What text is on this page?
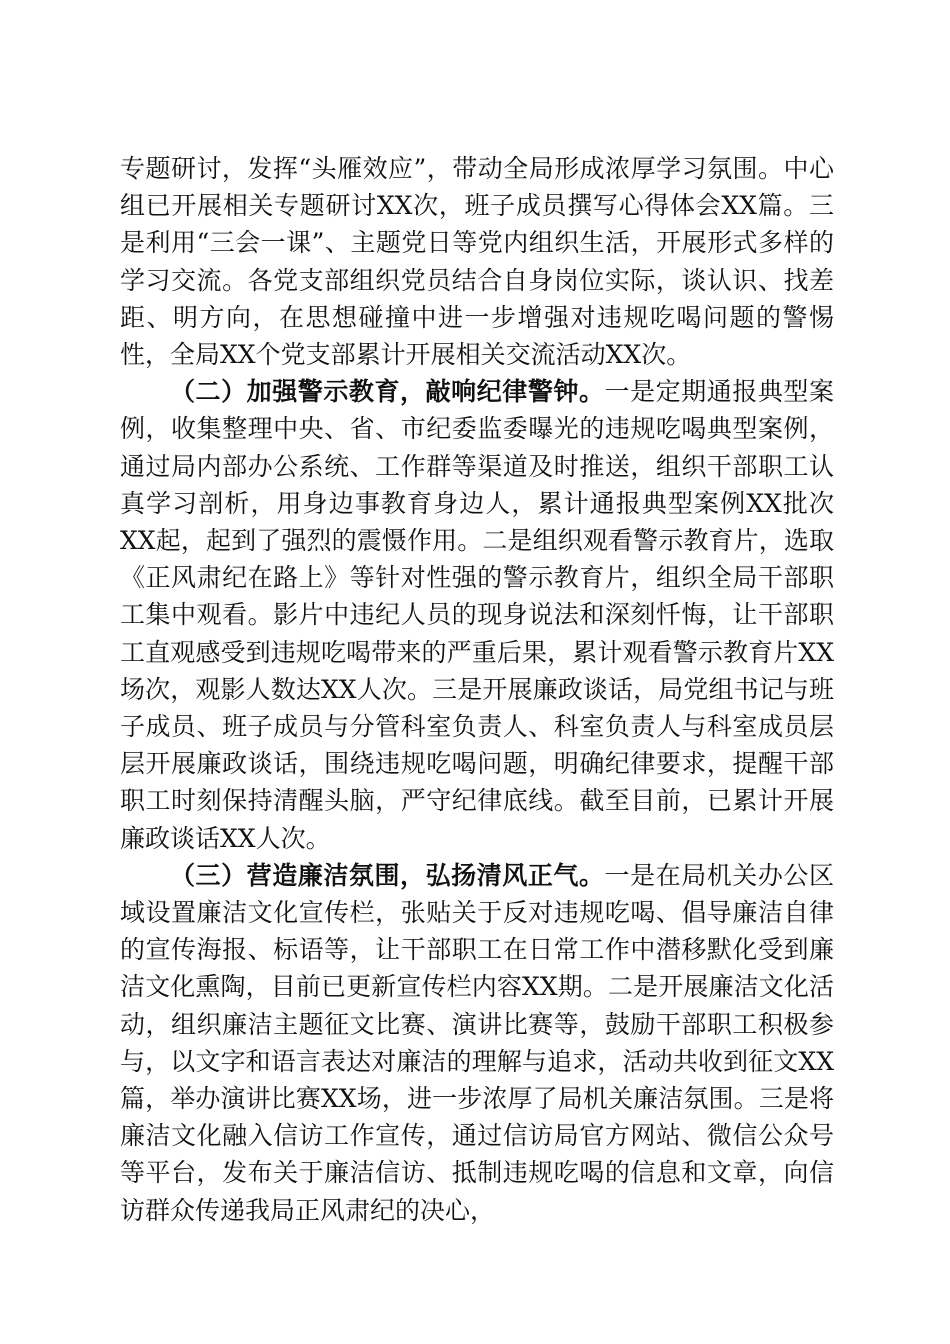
专题研讨，发挥“头雁效应”，带动全局形成浓厚学习氛围。中心组已开展相关专题研讨XX次，班子成员撰写心得体会XX篇。三是利用“三会一课”、主题党日等党内组织生活，开展形式多样的学习交流。各党支部组织党员结合自身岗位实际，谈认识、找差距、明方向，在思想碰撞中进一步增强对违规吃喝问题的警惕性，全局XX个党支部累计开展相关交流活动XX次。

（二）加强警示教育，敲响纪律警钟。一是定期通报典型案例，收集整理中央、省、市纪委监委曝光的违规吃喝典型案例，通过局内部办公系统、工作群等渠道及时推送，组织干部职工认真学习剖析，用身边事教育身边人，累计通报典型案例XX批次XX起，起到了强烈的震慑作用。二是组织观看警示教育片，选取《正风肃纪在路上》等针对性强的警示教育片，组织全局干部职工集中观看。影片中违纪人员的现身说法和深刻忏悔，让干部职工直观感受到违规吃喝带来的严重后果，累计观看警示教育片XX场次，观影人数达XX人次。三是开展廉政谈话，局党组书记与班子成员、班子成员与分管科室负责人、科室负责人与科室成员层层开展廉政谈话，围绕违规吃喝问题，明确纪律要求，提醒干部职工时刻保持清醒头脑，严守纪律底线。截至目前，已累计开展廉政谈话XX人次。

（三）营造廉洁氛围，弘扬清风正气。一是在局机关办公区域设置廉洁文化宣传栏，张贴关于反对违规吃喝、倡导廉洁自律的宣传海报、标语等，让干部职工在日常工作中潜移默化受到廉洁文化熏陶，目前已更新宣传栏内容XX期。二是开展廉洁文化活动，组织廉洁主题征文比赛、演讲比赛等，鼓励干部职工积极参与，以文字和语言表达对廉洁的理解与追求，活动共收到征文XX篇，举办演讲比赛XX场，进一步浓厚了局机关廉洁氛围。三是将廉洁文化融入信访工作宣传，通过信访局官方网站、微信公众号等平台，发布关于廉洁信访、抵制违规吃喝的信息和文章，向信访群众传递我局正风肃纪的决心，
